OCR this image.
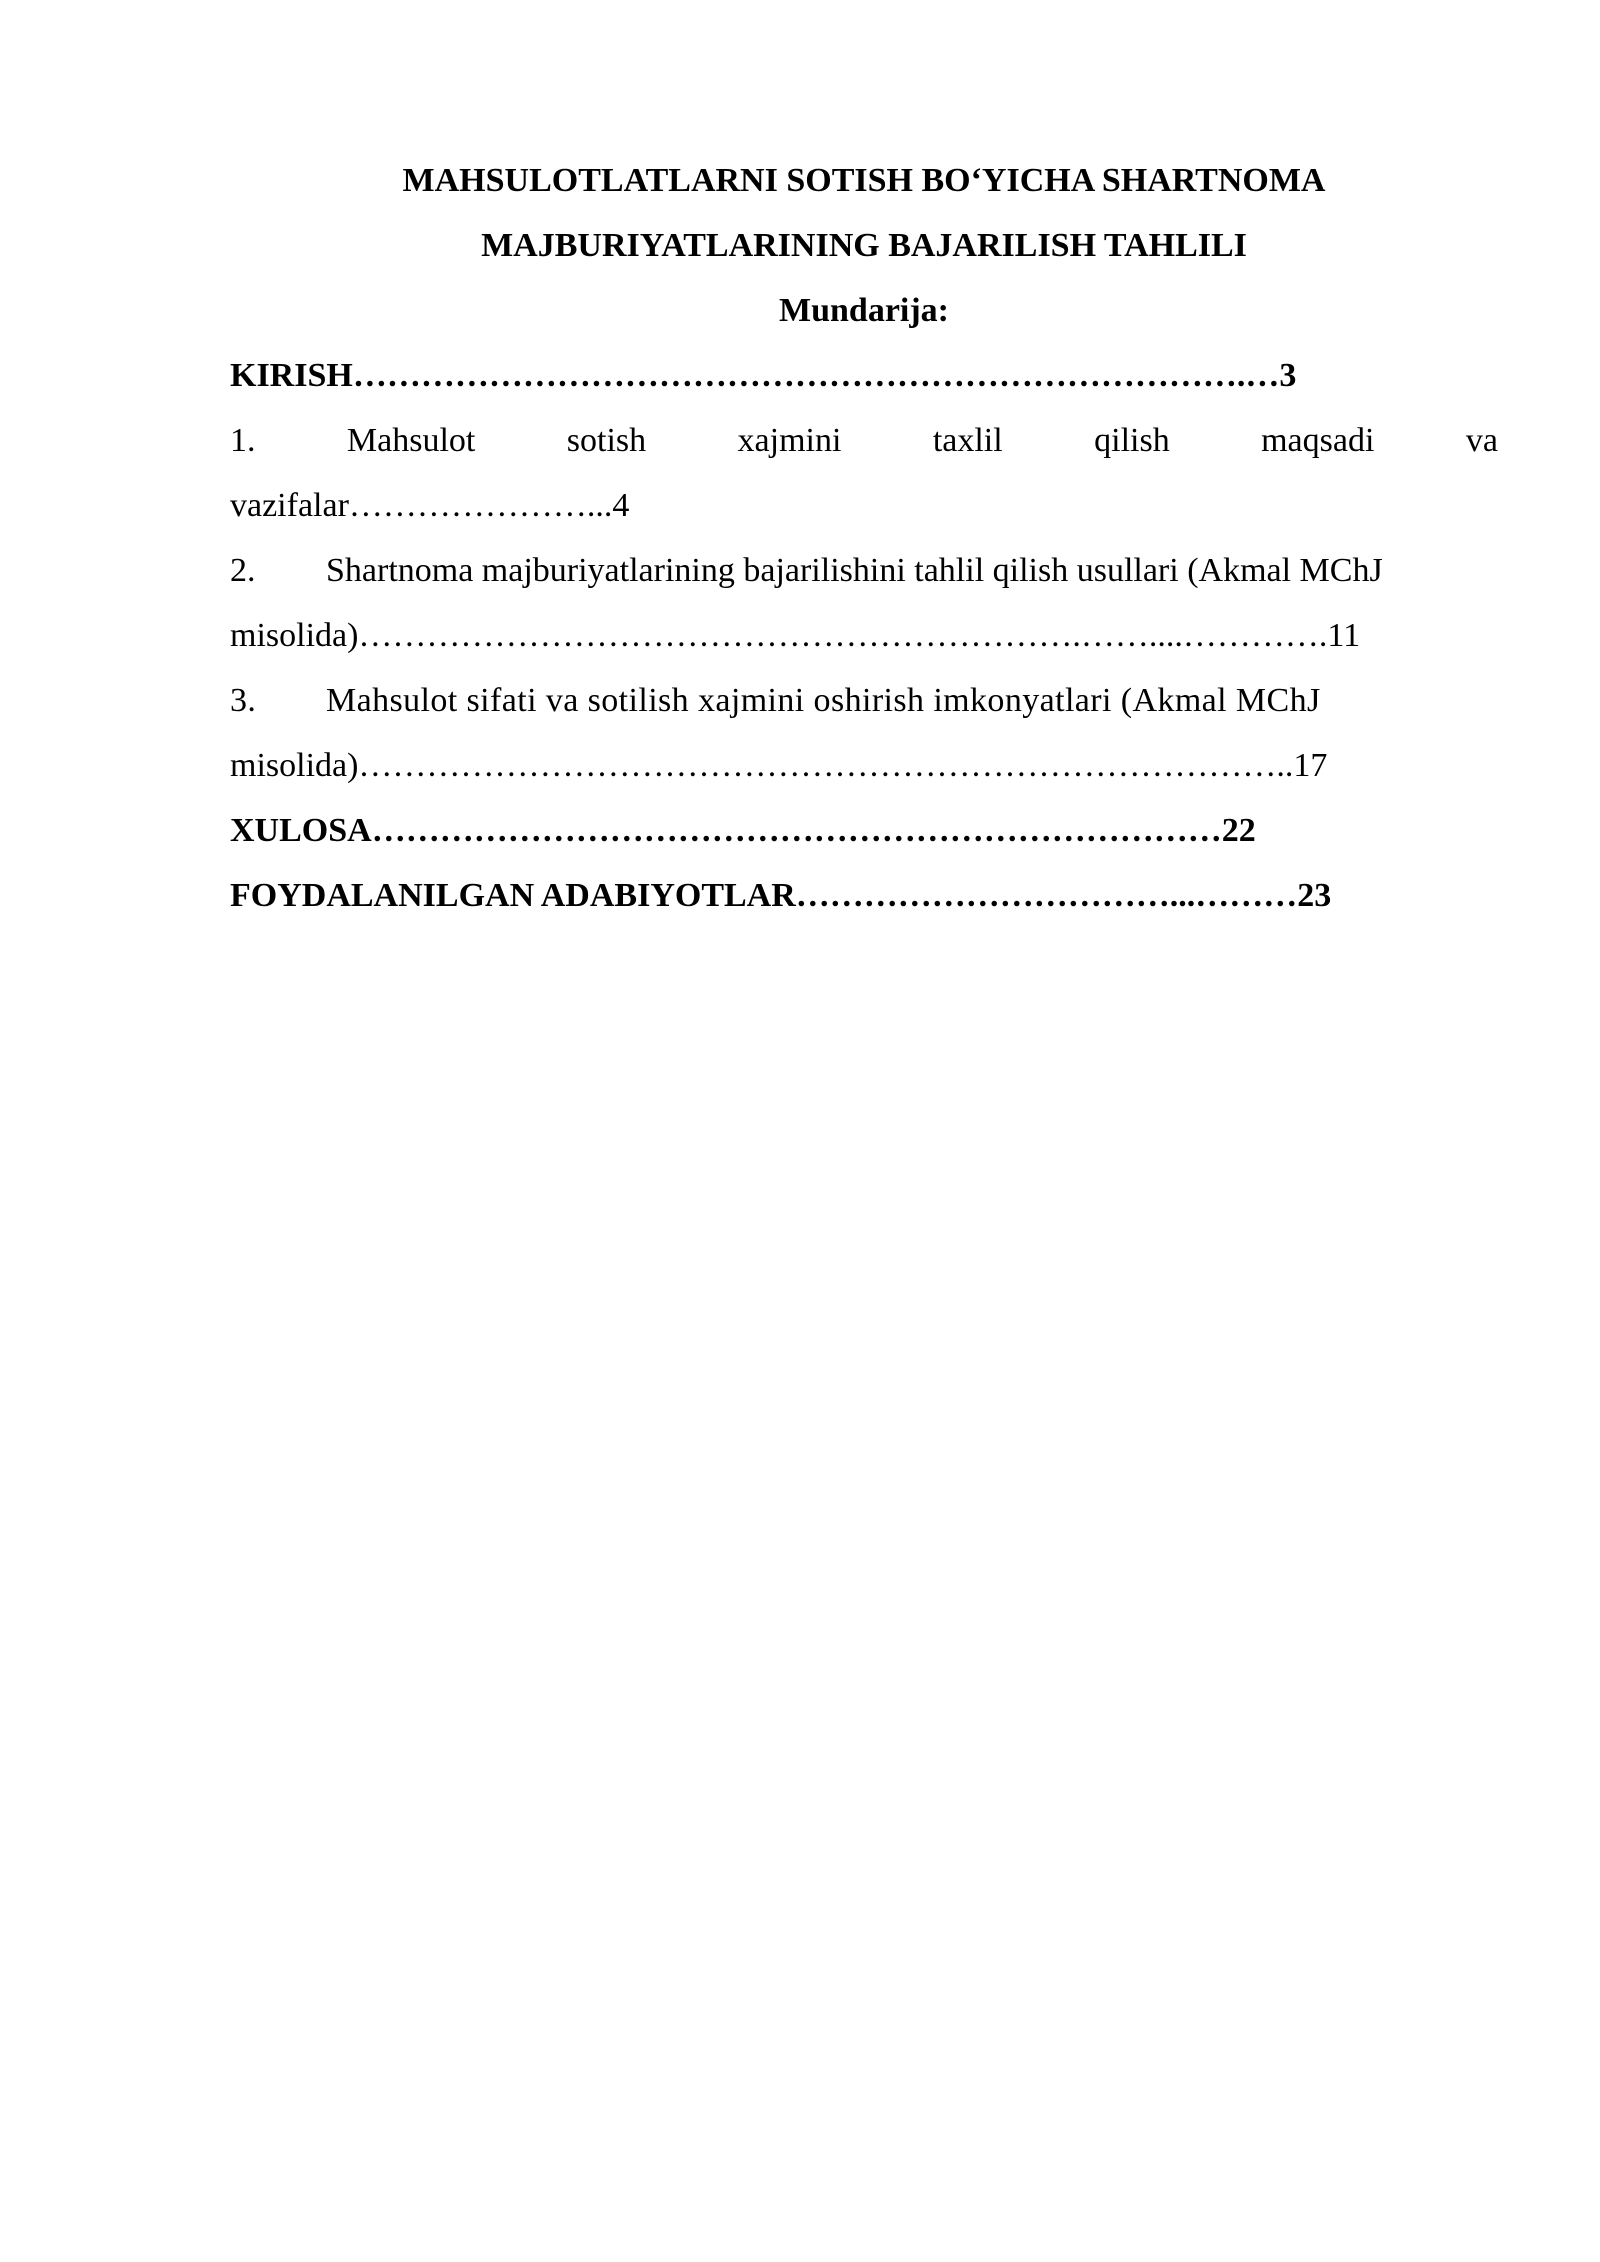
MAHSULOTLATLARNI SOTISH BO‘YICHA SHARTNOMA
MAJBURIYATLARINING BAJARILISH TAHLILI
Mundarija:
KIRISH…………………………………………………………………….…3
1.	Mahsulot	sotish	xajmini	taxlil	qilish	maqsadi	va
vazifalar…………………...4
2. Shartnoma majburiyatlarining bajarilishini tahlil qilish usullari (Akmal MChJ
misolida)……………………………………………………….……....………….11
3. Mahsulot sifati va sotilish xajmini oshirish imkonyatlari (Akmal MChJ
misolida)………………………………………………………………………..17
XULOSA…………………………………………………………………22
FOYDALANILGAN ADABIYOTLAR……………………………...………23
